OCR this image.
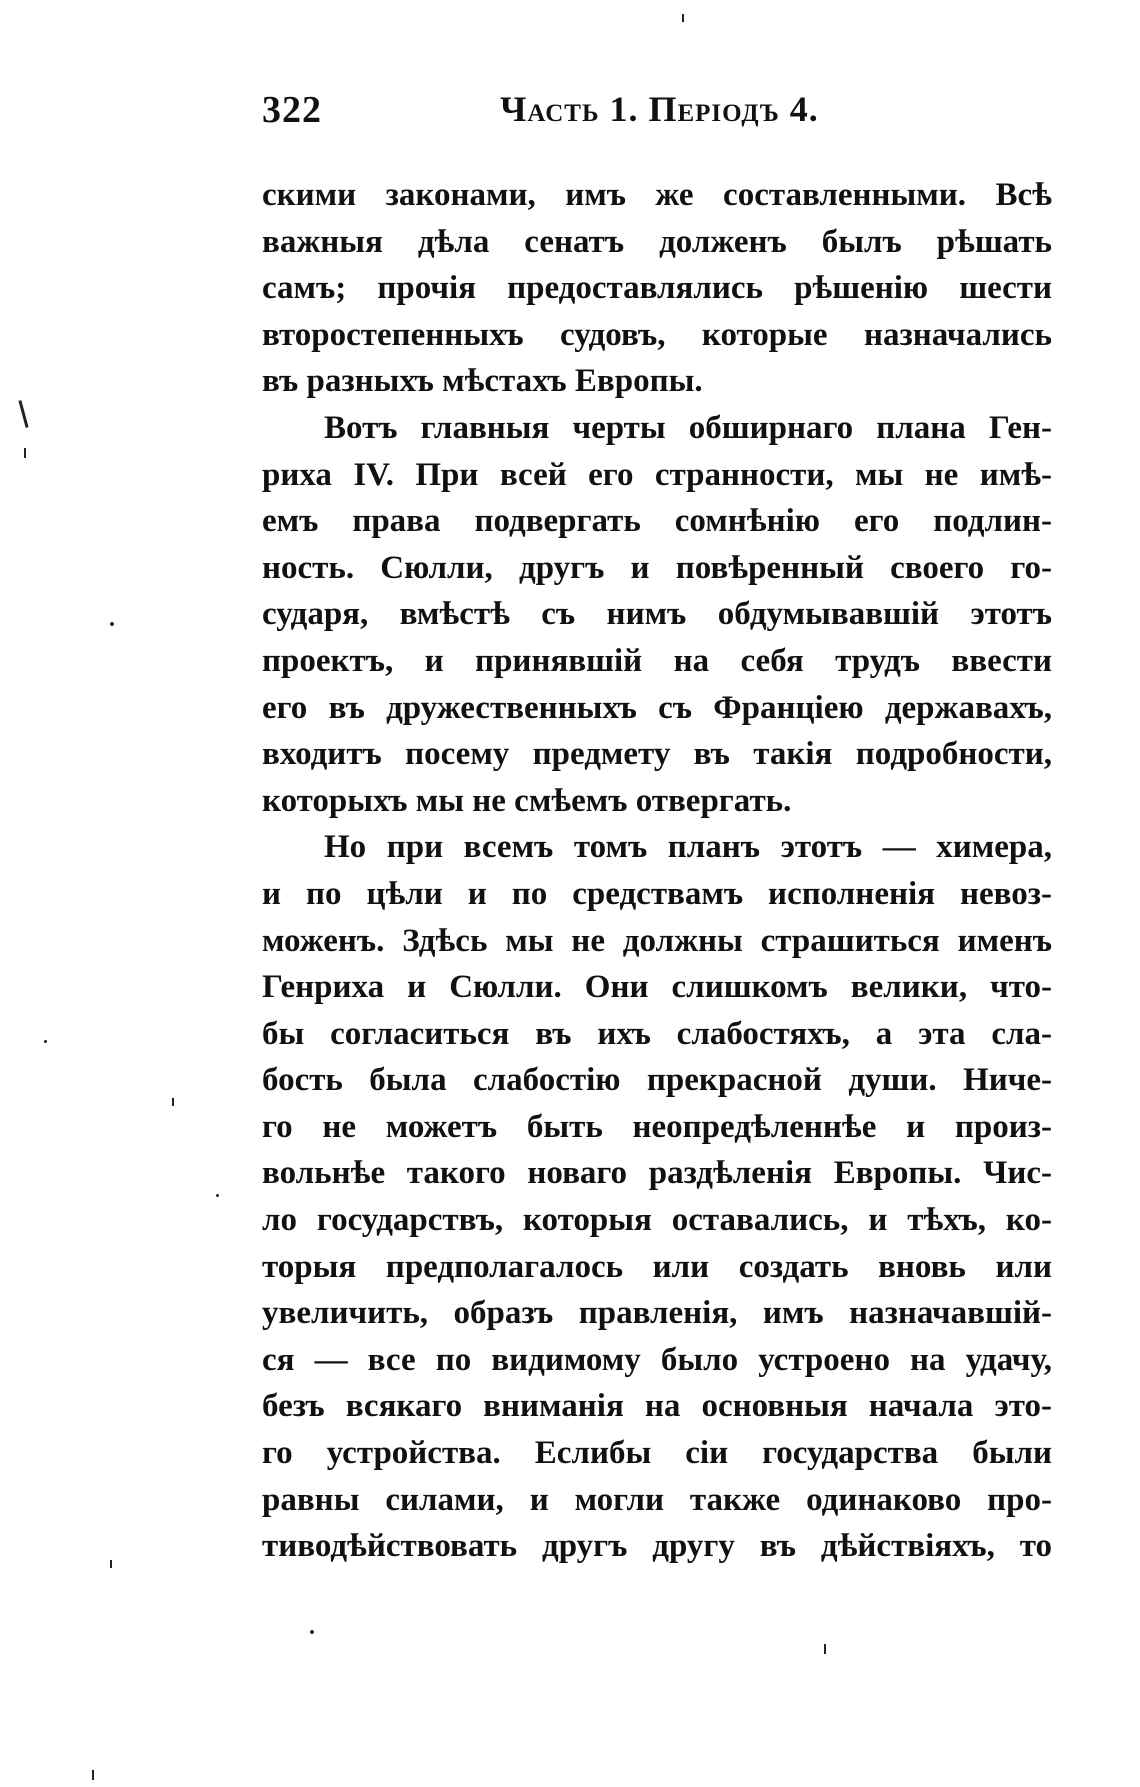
322	Часть 1. Періодъ 4.
скими законами, имъ же составленными. Всѣ
важныя дѣла сенатъ долженъ былъ рѣшать
самъ; прочія предоставлялись рѣшенію шести
второстепенныхъ судовъ, которые назначались
въ разныхъ мѣстахъ Европы.
Вотъ главныя черты обширнаго плана Ген-
риха IV. При всей его странности, мы не имѣ-
емъ права подвергать сомнѣнію его подлин-
ность. Сюлли, другъ и повѣренный своего го-
сударя, вмѣстѣ съ нимъ обдумывавшій этотъ
проектъ, и принявшій на себя трудъ ввести
его въ дружественныхъ съ Франціею державахъ,
входитъ посему предмету въ такія подробности,
которыхъ мы не смѣемъ отвергать.
Но при всемъ томъ планъ этотъ — химера,
и по цѣли и по средствамъ исполненія невоз-
моженъ. Здѣсь мы не должны страшиться именъ
Генриха и Сюлли. Они слишкомъ велики, что-
бы согласиться въ ихъ слабостяхъ, а эта сла-
бость была слабостію прекрасной души. Ниче-
го не можетъ быть неопредѣленнѣе и произ-
вольнѣе такого новаго раздѣленія Европы. Чис-
ло государствъ, которыя оставались, и тѣхъ, ко-
торыя предполагалось или создать вновь или
увеличить, образъ правленія, имъ назначавшій-
ся — все по видимому было устроено на удачу,
безъ всякаго вниманія на основныя начала это-
го устройства. Еслибы сіи государства были
равны силами, и могли также одинаково про-
тиводѣйствовать другъ другу въ дѣйствіяхъ, то
